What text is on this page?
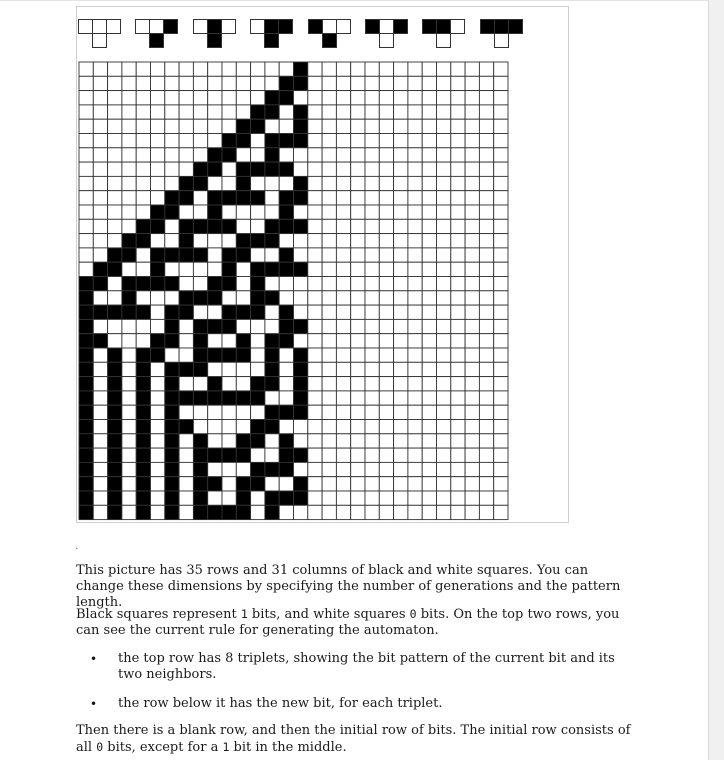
.

This picture has 35 rows and 31 columns of black and white squares. You can change these dimensions by specifying the number of generations and the pattern length.

Black squares represent 1 bits, and white squares 0 bits. On the top two rows, you can see the current rule for generating the automaton.

• the top row has 8 triplets, showing the bit pattern of the current bit and its two neighbors.

• the row below it has the new bit, for each triplet.

Then there is a blank row, and then the initial row of bits. The initial row consists of all 0 bits, except for a 1 bit in the middle.
